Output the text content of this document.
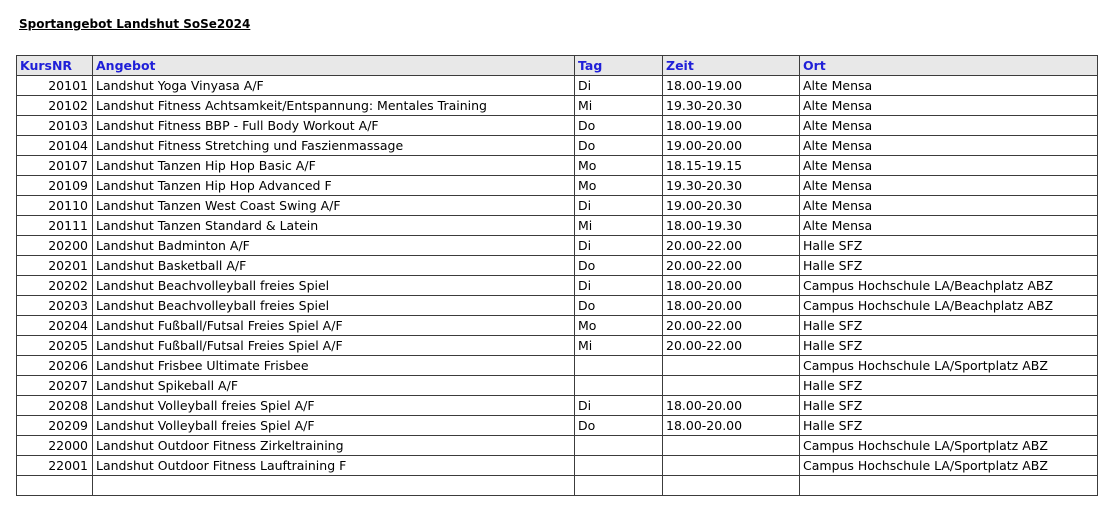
Sportangebot Landshut SoSe2024
KursNR	Angebot	Tag	Zeit	Ort
20101	Landshut Yoga Vinyasa A/F	Di	18.00-19.00	Alte Mensa
20102	Landshut Fitness Achtsamkeit/Entspannung: Mentales Training	Mi	19.30-20.30	Alte Mensa
20103	Landshut Fitness BBP - Full Body Workout A/F	Do	18.00-19.00	Alte Mensa
20104	Landshut Fitness Stretching und Faszienmassage	Do	19.00-20.00	Alte Mensa
20107	Landshut Tanzen Hip Hop Basic A/F	Mo	18.15-19.15	Alte Mensa
20109	Landshut Tanzen Hip Hop Advanced F	Mo	19.30-20.30	Alte Mensa
20110	Landshut Tanzen West Coast Swing A/F	Di	19.00-20.30	Alte Mensa
20111	Landshut Tanzen Standard & Latein	Mi	18.00-19.30	Alte Mensa
20200	Landshut Badminton A/F	Di	20.00-22.00	Halle SFZ
20201	Landshut Basketball A/F	Do	20.00-22.00	Halle SFZ
20202	Landshut Beachvolleyball freies Spiel	Di	18.00-20.00	Campus Hochschule LA/Beachplatz ABZ
20203	Landshut Beachvolleyball freies Spiel	Do	18.00-20.00	Campus Hochschule LA/Beachplatz ABZ
20204	Landshut Fußball/Futsal Freies Spiel A/F	Mo	20.00-22.00	Halle SFZ
20205	Landshut Fußball/Futsal Freies Spiel A/F	Mi	20.00-22.00	Halle SFZ
20206	Landshut Frisbee Ultimate Frisbee			Campus Hochschule LA/Sportplatz ABZ
20207	Landshut Spikeball A/F			Halle SFZ
20208	Landshut Volleyball freies Spiel A/F	Di	18.00-20.00	Halle SFZ
20209	Landshut Volleyball freies Spiel A/F	Do	18.00-20.00	Halle SFZ
22000	Landshut Outdoor Fitness Zirkeltraining			Campus Hochschule LA/Sportplatz ABZ
22001	Landshut Outdoor Fitness Lauftraining F			Campus Hochschule LA/Sportplatz ABZ
